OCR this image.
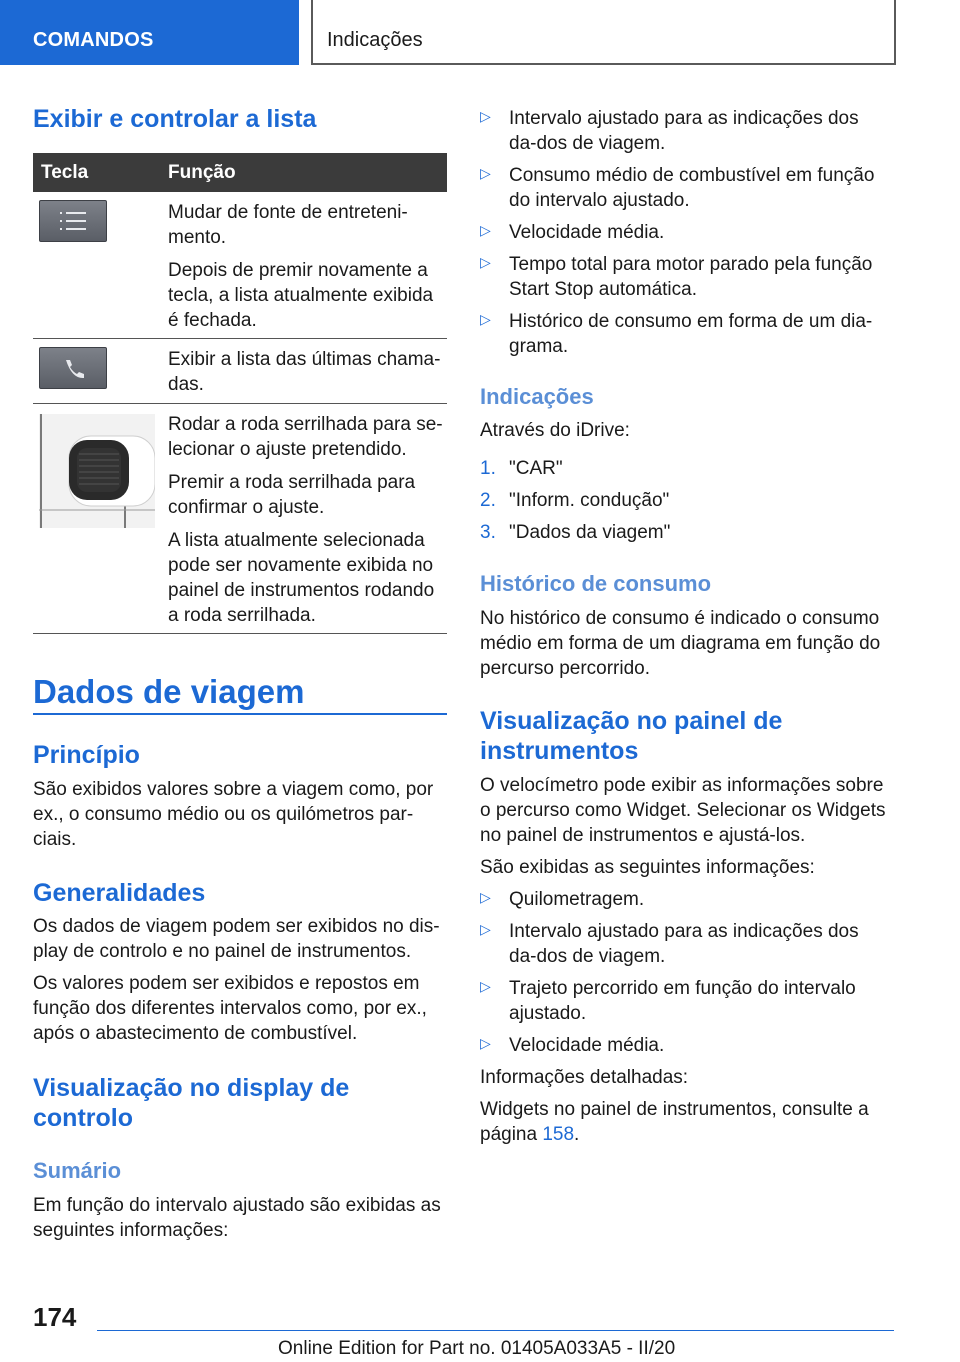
COMANDOS	Indicações
Exibir e controlar a lista
Tecla	Função

Mudar de fonte de entreteni-mento.

Depois de premir novamente a tecla, a lista atualmente exibida é fechada.

Exibir a lista das últimas chama-das.

Rodar a roda serrilhada para se-lecionar o ajuste pretendido.

Premir a roda serrilhada para confirmar o ajuste.

A lista atualmente selecionada pode ser novamente exibida no painel de instrumentos rodando a roda serrilhada.

Dados de viagem
Princípio

São exibidos valores sobre a viagem como, por ex., o consumo médio ou os quilómetros par-ciais.

Generalidades

Os dados de viagem podem ser exibidos no dis-play de controlo e no painel de instrumentos.

Os valores podem ser exibidos e repostos em função dos diferentes intervalos como, por ex., após o abastecimento de combustível.

Visualização no display de controlo
Sumário

Em função do intervalo ajustado são exibidas as seguintes informações:

▷ Intervalo ajustado para as indicações dos da-dos de viagem.

▷ Consumo médio de combustível em função do intervalo ajustado.

▷ Velocidade média.

▷ Tempo total para motor parado pela função Start Stop automática.

▷ Histórico de consumo em forma de um dia-grama.

Indicações

Através do iDrive:

1. "CAR"

2. "Inform. condução"

3. "Dados da viagem"

Histórico de consumo

No histórico de consumo é indicado o consumo médio em forma de um diagrama em função do percurso percorrido.

Visualização no painel de instrumentos

O velocímetro pode exibir as informações sobre o percurso como Widget. Selecionar os Widgets no painel de instrumentos e ajustá-los.

São exibidas as seguintes informações:

▷ Quilometragem.

▷ Intervalo ajustado para as indicações dos da-dos de viagem.

▷ Trajeto percorrido em função do intervalo ajustado.

▷ Velocidade média.

Informações detalhadas:

Widgets no painel de instrumentos, consulte a página 158.

174
Online Edition for Part no. 01405A033A5 - II/20
